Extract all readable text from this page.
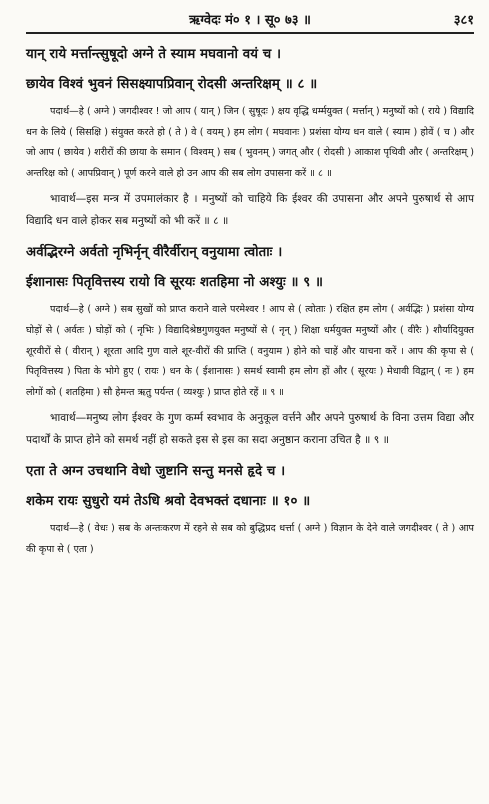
ऋग्वेदः मं० १ । सू० ७३ ॥	३८१
यान् राये मर्त्तान्त्सुषूदो अग्ने ते स्याम मघवानो वयं च ।
छायेव विश्वं भुवनं सिसक्ष्यापप्रिवान् रोदसी अन्तरिक्षम् ॥ ८ ॥

पदार्थ—हे ( अग्ने ) जगदीश्वर ! जो आप ( यान् ) जिन ( सुषूदः ) क्षय वृद्धि धर्म्मयुक्त ( मर्त्तान् ) मनुष्यों को ( राये ) विद्यादि धन के लिये ( सिसक्षि ) संयुक्त करते हो ( ते ) वे ( वयम् ) हम लोग ( मघवानः ) प्रशंसा योग्य धन वाले ( स्याम ) होवें ( च ) और जो आप ( छायेव ) शरीरों की छाया के समान ( विश्वम् ) सब ( भुवनम् ) जगत् और ( रोदसी ) आकाश पृथिवी और ( अन्तरिक्षम् ) अन्तरिक्ष को ( आपप्रिवान् ) पूर्ण करने वाले हो उन आप की सब लोग उपासना करें ॥ ८ ॥

भावार्थ—इस मन्त्र में उपमालंकार है । मनुष्यों को चाहिये कि ईश्वर की उपासना और अपने पुरुषार्थ से आप विद्यादि धन वाले होकर सब मनुष्यों को भी करें ॥ ८ ॥

अर्वद्भिरग्ने अर्वतो नृभिर्नृन् वीरैर्वीरान् वनुयामा त्वोताः ।
ईशानासः पितृवित्तस्य रायो वि सूरयः शतहिमा नो अश्युः ॥ ९ ॥

पदार्थ—हे ( अग्ने ) सब सुखों को प्राप्त कराने वाले परमेश्वर ! आप से ( त्वोताः ) रक्षित हम लोग ( अर्वद्भिः ) प्रशंसा योग्य घोड़ों से ( अर्वतः ) घोड़ों को ( नृभिः ) विद्यादिश्रेष्ठगुणयुक्त मनुष्यों से ( नृन् ) शिक्षा धर्मयुक्त मनुष्यों और ( वीरैः ) शौर्यादियुक्त शूरवीरों से ( वीरान् ) शूरता आदि गुण वाले शूर-वीरों की प्राप्ति ( वनुयाम ) होने को चाहें और याचना करें । आप की कृपा से ( पितृवित्तस्य ) पिता के भोगे हुए ( रायः ) धन के ( ईशानासः ) समर्थ स्वामी हम लोग हों और ( सूरयः ) मेधावी विद्वान् ( नः ) हम लोगों को ( शतहिमा ) सौ हेमन्त ऋतु पर्यन्त ( व्यश्युः ) प्राप्त होते रहें ॥ ९ ॥

भावार्थ—मनुष्य लोग ईश्वर के गुण कर्म्म स्वभाव के अनुकूल वर्त्तने और अपने पुरुषार्थ के विना उत्तम विद्या और पदार्थों के प्राप्त होने को समर्थ नहीं हो सकते इस से इस का सदा अनुष्ठान कराना उचित है ॥ ९ ॥

एता ते अग्न उचथानि वेधो जुष्टानि सन्तु मनसे हृदे च ।
शकेम रायः सुधुरो यमं तेऽधि श्रवो देवभक्तं दधानाः ॥ १० ॥

पदार्थ—हे ( वेधः ) सब के अन्तःकरण में रहने से सब को बुद्धिप्रद धर्त्ता ( अग्ने ) विज्ञान के देने वाले जगदीश्वर ( ते ) आप की कृपा से ( एता )
